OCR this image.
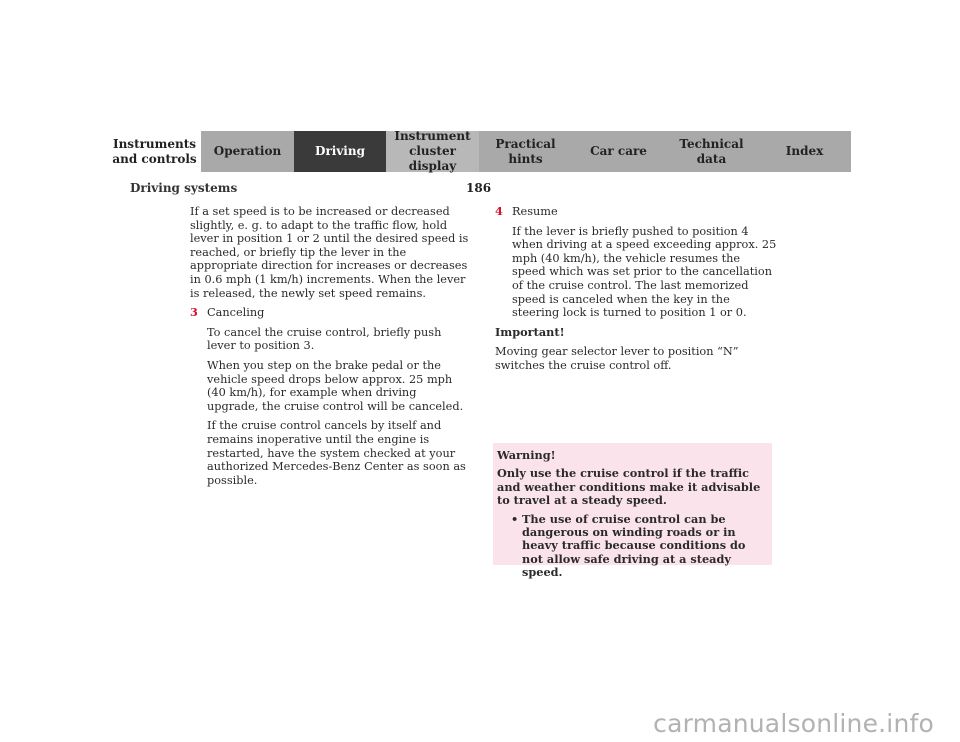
Instruments
and controls
Operation	Driving
Instrument
cluster display
Practical hints
Car care
Technical
data
Index
Driving systems	186

If a set speed is to be increased or decreased slightly, e. g. to adapt to the traffic flow, hold lever in position 1 or 2 until the desired speed is reached, or briefly tip the lever in the appropriate direction for increases or decreases in 0.6 mph (1 km/h) increments. When the lever is released, the newly set speed remains.

3 Canceling

To cancel the cruise control, briefly push lever to position 3.

When you step on the brake pedal or the vehicle speed drops below approx. 25 mph (40 km/h), for example when driving upgrade, the cruise control will be canceled.

If the cruise control cancels by itself and remains inoperative until the engine is restarted, have the system checked at your authorized Mercedes-Benz Center as soon as possible.

4 Resume

If the lever is briefly pushed to position 4 when driving at a speed exceeding approx. 25 mph (40 km/h), the vehicle resumes the speed which was set prior to the cancellation of the cruise control. The last memorized speed is canceled when the key in the steering lock is turned to position 1 or 0.

Important!

Moving gear selector lever to position “N” switches the cruise control off.

Warning!

Only use the cruise control if the traffic and weather conditions make it advisable to travel at a steady speed.

• The use of cruise control can be dangerous on winding roads or in heavy traffic because conditions do not allow safe driving at a steady speed.
carmanualsonline.info
